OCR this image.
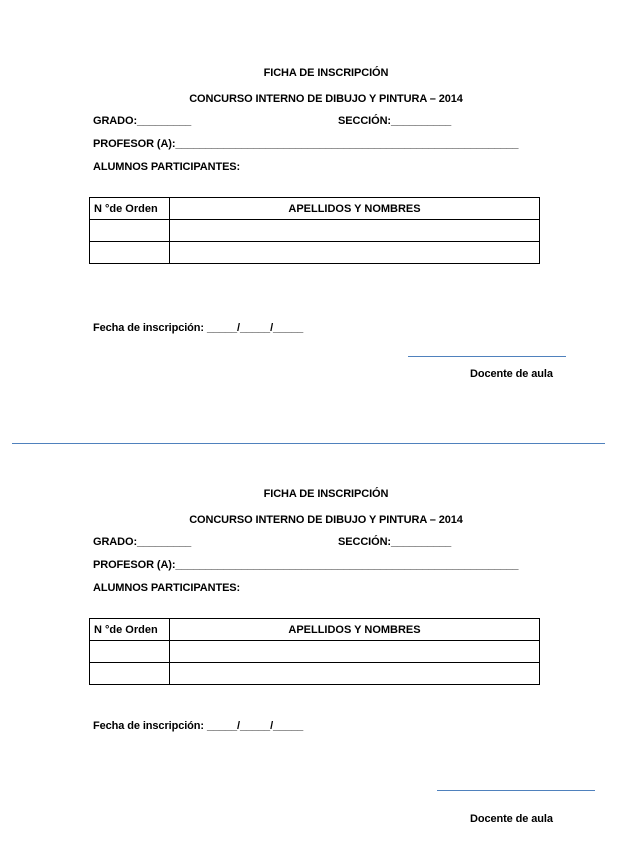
FICHA DE INSCRIPCIÓN
CONCURSO INTERNO DE DIBUJO Y PINTURA – 2014
GRADO:_________	SECCIÓN:__________
PROFESOR (A):_________________________________________________________
ALUMNOS PARTICIPANTES:
N °de Orden	APELLIDOS Y NOMBRES

Fecha de inscripción: _____/_____/_____
Docente de aula
FICHA DE INSCRIPCIÓN
CONCURSO INTERNO DE DIBUJO Y PINTURA – 2014
GRADO:_________	SECCIÓN:__________
PROFESOR (A):_________________________________________________________
ALUMNOS PARTICIPANTES:
N °de Orden	APELLIDOS Y NOMBRES

Fecha de inscripción: _____/_____/_____
Docente de aula
